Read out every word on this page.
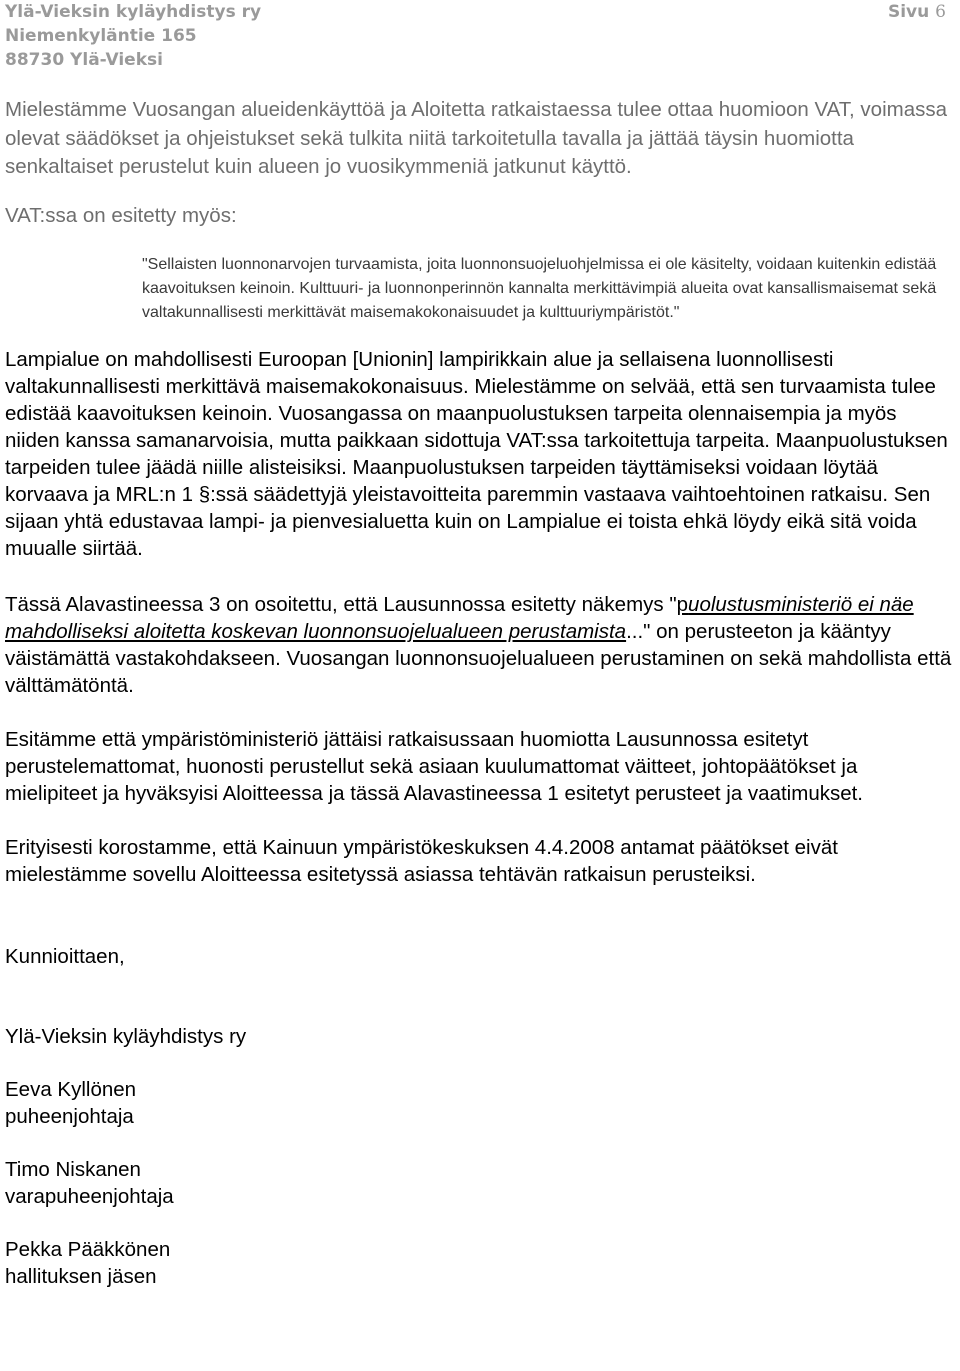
Ylä-Vieksin kyläyhdistys ry
Niemenkyläntie 165
88730 Ylä-Vieksi
Sivu 6

Mielestämme Vuosangan alueidenkäyttöä ja Aloitetta ratkaistaessa tulee ottaa huomioon VAT, voimassa olevat säädökset ja ohjeistukset sekä tulkita niitä tarkoitetulla tavalla ja jättää täysin huomiotta senkaltaiset perustelut kuin alueen jo vuosikymmeniä jatkunut käyttö.

VAT:ssa on esitetty myös:

"Sellaisten luonnonarvojen turvaamista, joita luonnonsuojeluohjelmissa ei ole käsitelty, voidaan kuitenkin edistää kaavoituksen keinoin. Kulttuuri- ja luonnonperinnön kannalta merkittävimpiä alueita ovat kansallismaisemat sekä valtakunnallisesti merkittävät maisemakokonaisuudet ja kulttuuriympäristöt."

Lampialue on mahdollisesti Euroopan [Unionin] lampirikkain alue ja sellaisena luonnollisesti valtakunnallisesti merkittävä maisemakokonaisuus. Mielestämme on selvää, että sen turvaamista tulee edistää kaavoituksen keinoin. Vuosangassa on maanpuolustuksen tarpeita olennaisempia ja myös niiden kanssa samanarvoisia, mutta paikkaan sidottuja VAT:ssa tarkoitettuja tarpeita. Maanpuolustuksen tarpeiden tulee jäädä niille alisteisiksi. Maanpuolustuksen tarpeiden täyttämiseksi voidaan löytää korvaava ja MRL:n 1 §:ssä säädettyjä yleistavoitteita paremmin vastaava vaihtoehtoinen ratkaisu. Sen sijaan yhtä edustavaa lampi- ja pienvesialuetta kuin on Lampialue ei toista ehkä löydy eikä sitä voida muualle siirtää.

Tässä Alavastineessa 3 on osoitettu, että Lausunnossa esitetty näkemys "puolustusministeriö ei näe mahdolliseksi aloitetta koskevan luonnonsuojelualueen perustamista..." on perusteeton ja kääntyy väistämättä vastakohdakseen. Vuosangan luonnonsuojelualueen perustaminen on sekä mahdollista että välttämätöntä.

Esitämme että ympäristöministeriö jättäisi ratkaisussaan huomiotta Lausunnossa esitetyt perustelemattomat, huonosti perustellut sekä asiaan kuulumattomat väitteet, johtopäätökset ja mielipiteet ja hyväksyisi Aloitteessa ja tässä Alavastineessa 1 esitetyt perusteet ja vaatimukset.

Erityisesti korostamme, että Kainuun ympäristökeskuksen 4.4.2008 antamat päätökset eivät mielestämme sovellu Aloitteessa esitetyssä asiassa tehtävän ratkaisun perusteiksi.

Kunnioittaen,

Ylä-Vieksin kyläyhdistys ry

Eeva Kyllönen

puheenjohtaja

Timo Niskanen

varapuheenjohtaja

Pekka Pääkkönen

hallituksen jäsen
